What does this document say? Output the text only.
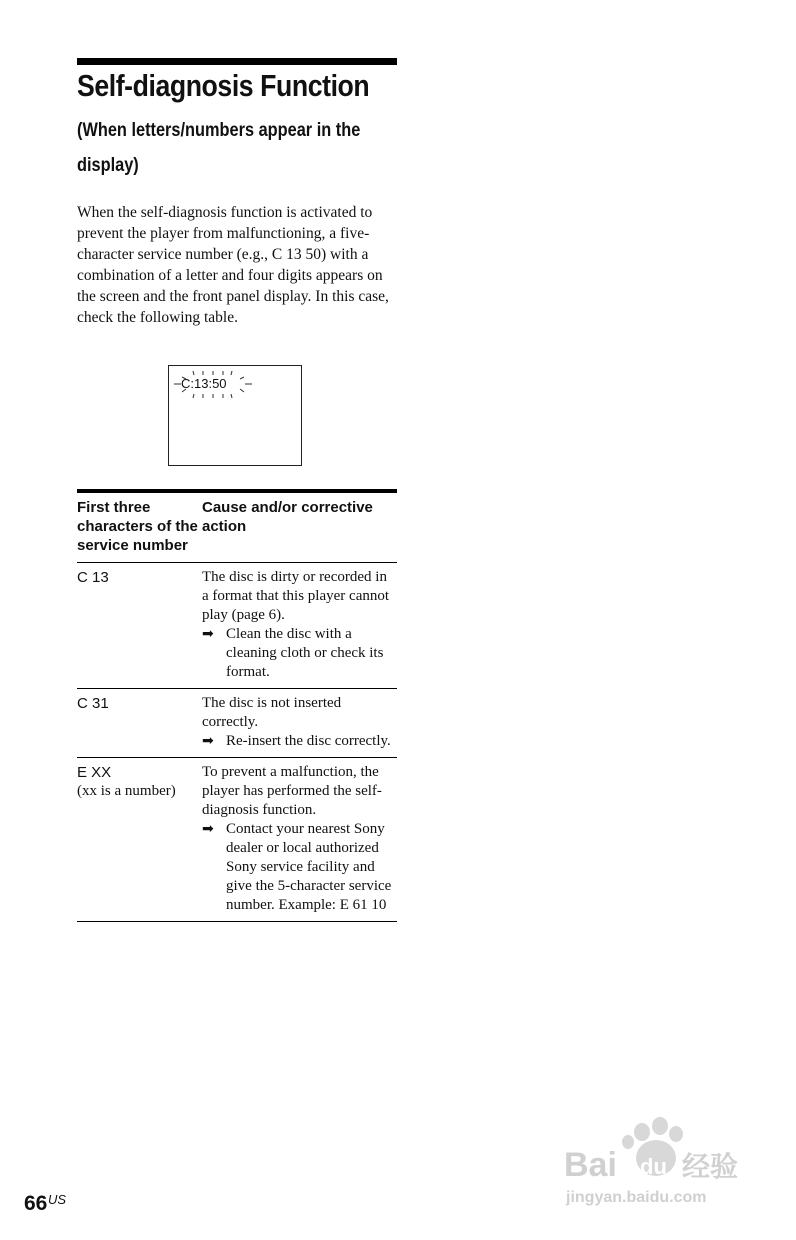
Self-diagnosis Function
(When letters/numbers appear in the display)

When the self-diagnosis function is activated to prevent the player from malfunctioning, a five-character service number (e.g., C 13 50) with a combination of a letter and four digits appears on the screen and the front panel display. In this case, check the following table.

C:13:50
First three characters of the service number
Cause and/or corrective action
C 13	The disc is dirty or recorded in a format that this player cannot play (page 6).
➡ Clean the disc with a cleaning cloth or check its format.
C 31	The disc is not inserted correctly.
➡ Re-insert the disc correctly.
E XX
(xx is a number)
To prevent a malfunction, the player has performed the self-diagnosis function.
➡ Contact your nearest Sony dealer or local authorized Sony service facility and give the 5-character service number. Example: E 61 10
66 US
Bai du 经验
jingyan.baidu.com
